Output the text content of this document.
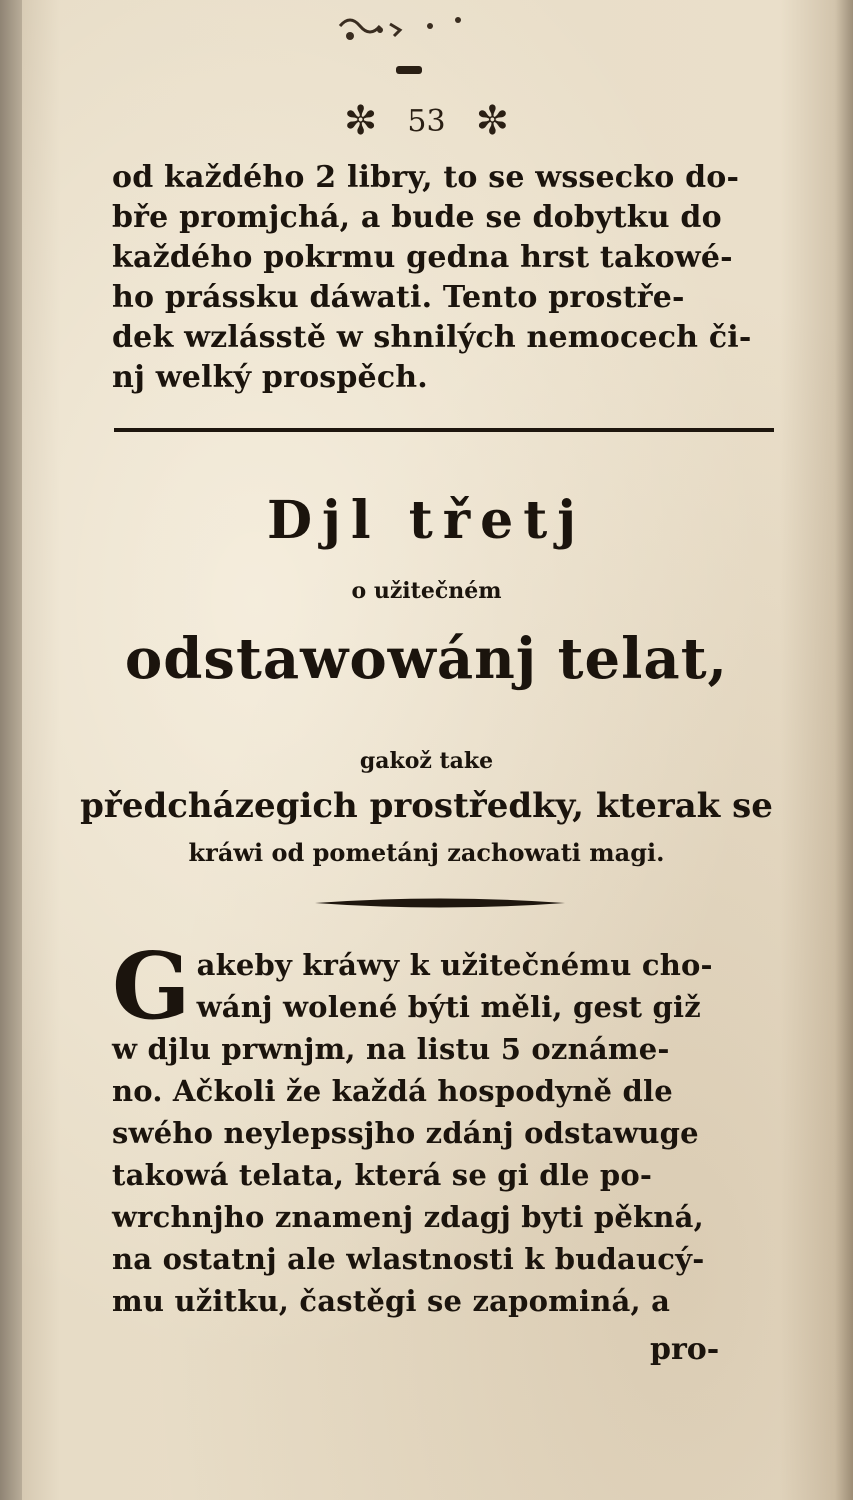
✼ 53 ✼
od každého 2 libry, to se wssecko do-
bře promjchá, a bude se dobytku do
každého pokrmu gedna hrst takowé-
ho prássku dáwati. Tento prostře-
dek wzlásstě w shnilých nemocech či-
nj welký prospěch.
Djl třetj
o užitečném
odstawowánj telat,
gakož take
předcházegich prostředky, kterak se
kráwi od pometánj zachowati magi.
G akeby kráwy k užitečnému cho-
wánj wolené býti měli, gest giž
w djlu prwnjm, na listu 5 oznáme-
no. Ačkoli že každá hospodyně dle
swého neylepssjho zdánj odstawuge
takowá telata, která se gi dle po-
wrchnjho znamenj zdagj byti pěkná,
na ostatnj ale wlastnosti k budaucý-
mu užitku, častěgi se zapominá, a
pro-
